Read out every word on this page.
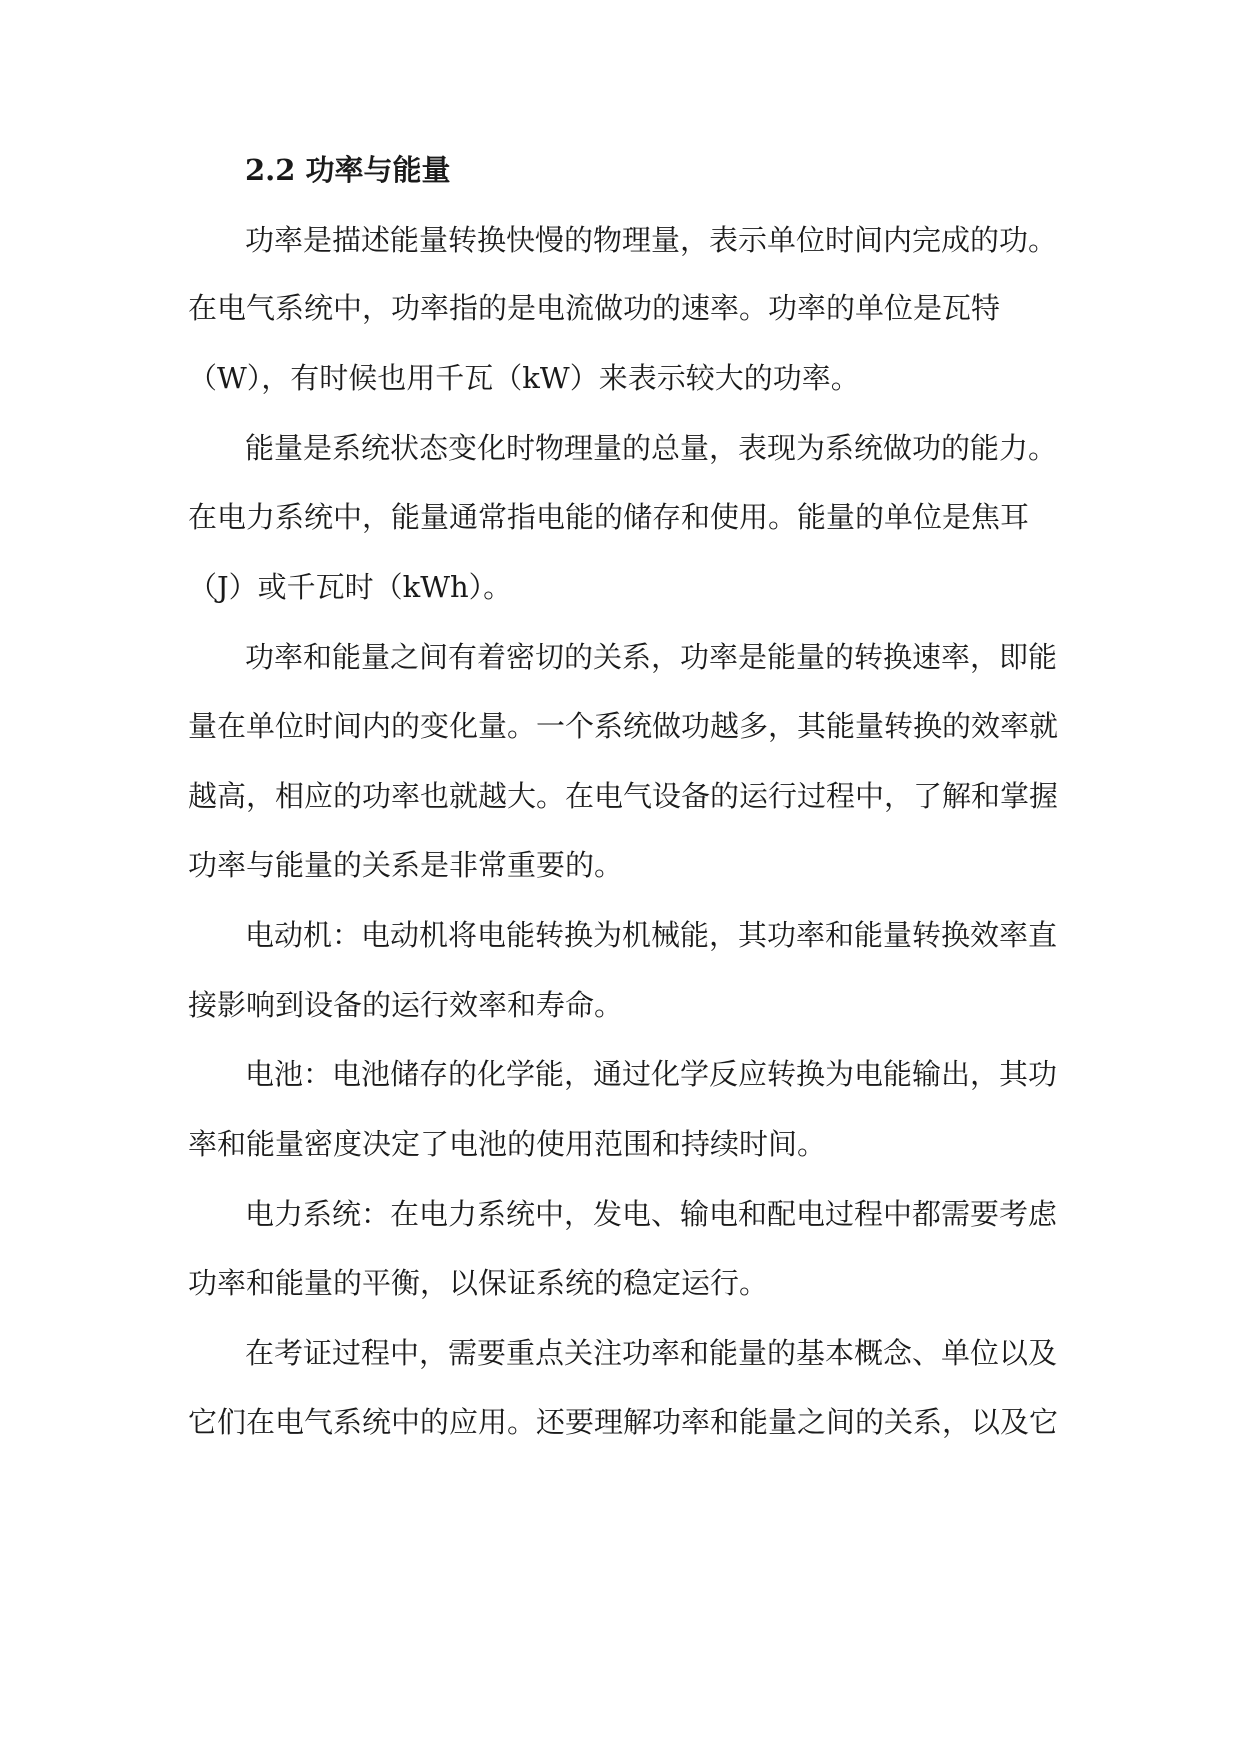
2.2 功率与能量
功率是描述能量转换快慢的物理量，表示单位时间内完成的功。
在电气系统中，功率指的是电流做功的速率。功率的单位是瓦特
（W），有时候也用千瓦（kW）来表示较大的功率。
能量是系统状态变化时物理量的总量，表现为系统做功的能力。
在电力系统中，能量通常指电能的储存和使用。能量的单位是焦耳
（J）或千瓦时（kWh）。
功率和能量之间有着密切的关系，功率是能量的转换速率，即能
量在单位时间内的变化量。一个系统做功越多，其能量转换的效率就
越高，相应的功率也就越大。在电气设备的运行过程中，了解和掌握
功率与能量的关系是非常重要的。
电动机：电动机将电能转换为机械能，其功率和能量转换效率直
接影响到设备的运行效率和寿命。
电池：电池储存的化学能，通过化学反应转换为电能输出，其功
率和能量密度决定了电池的使用范围和持续时间。
电力系统：在电力系统中，发电、输电和配电过程中都需要考虑
功率和能量的平衡，以保证系统的稳定运行。
在考证过程中，需要重点关注功率和能量的基本概念、单位以及
它们在电气系统中的应用。还要理解功率和能量之间的关系，以及它
